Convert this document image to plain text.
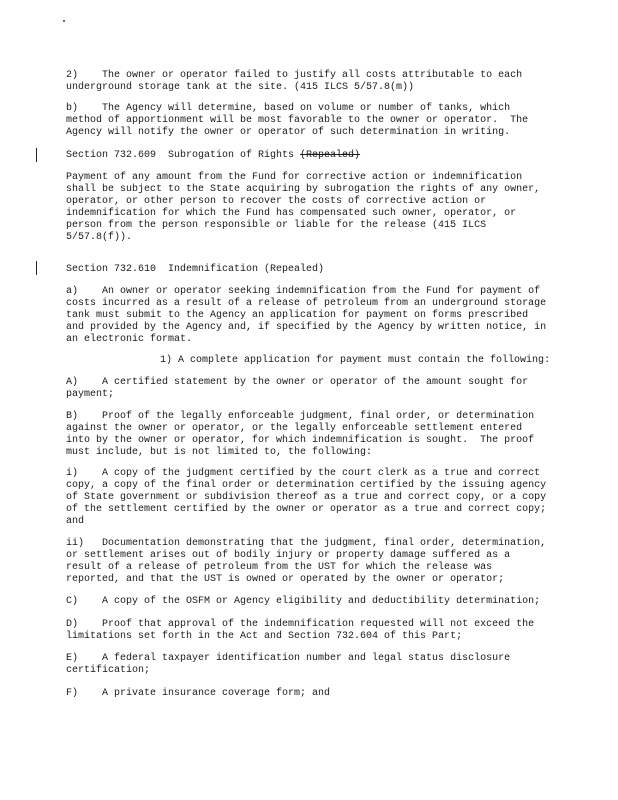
2)    The owner or operator failed to justify all costs attributable to each
underground storage tank at the site. (415 ILCS 5/57.8(m))
b)    The Agency will determine, based on volume or number of tanks, which
method of apportionment will be most favorable to the owner or operator.  The
Agency will notify the owner or operator of such determination in writing.
Section 732.609  Subrogation of Rights (Repealed)
Payment of any amount from the Fund for corrective action or indemnification
shall be subject to the State acquiring by subrogation the rights of any owner,
operator, or other person to recover the costs of corrective action or
indemnification for which the Fund has compensated such owner, operator, or
person from the person responsible or liable for the release (415 ILCS
5/57.8(f)).
Section 732.610  Indemnification (Repealed)
a)    An owner or operator seeking indemnification from the Fund for payment of
costs incurred as a result of a release of petroleum from an underground storage
tank must submit to the Agency an application for payment on forms prescribed
and provided by the Agency and, if specified by the Agency by written notice, in
an electronic format.
1) A complete application for payment must contain the following:
A)    A certified statement by the owner or operator of the amount sought for
payment;
B)    Proof of the legally enforceable judgment, final order, or determination
against the owner or operator, or the legally enforceable settlement entered
into by the owner or operator, for which indemnification is sought.  The proof
must include, but is not limited to, the following:
i)    A copy of the judgment certified by the court clerk as a true and correct
copy, a copy of the final order or determination certified by the issuing agency
of State government or subdivision thereof as a true and correct copy, or a copy
of the settlement certified by the owner or operator as a true and correct copy;
and
ii)   Documentation demonstrating that the judgment, final order, determination,
or settlement arises out of bodily injury or property damage suffered as a
result of a release of petroleum from the UST for which the release was
reported, and that the UST is owned or operated by the owner or operator;
C)    A copy of the OSFM or Agency eligibility and deductibility determination;
D)    Proof that approval of the indemnification requested will not exceed the
limitations set forth in the Act and Section 732.604 of this Part;
E)    A federal taxpayer identification number and legal status disclosure
certification;
F)    A private insurance coverage form; and
